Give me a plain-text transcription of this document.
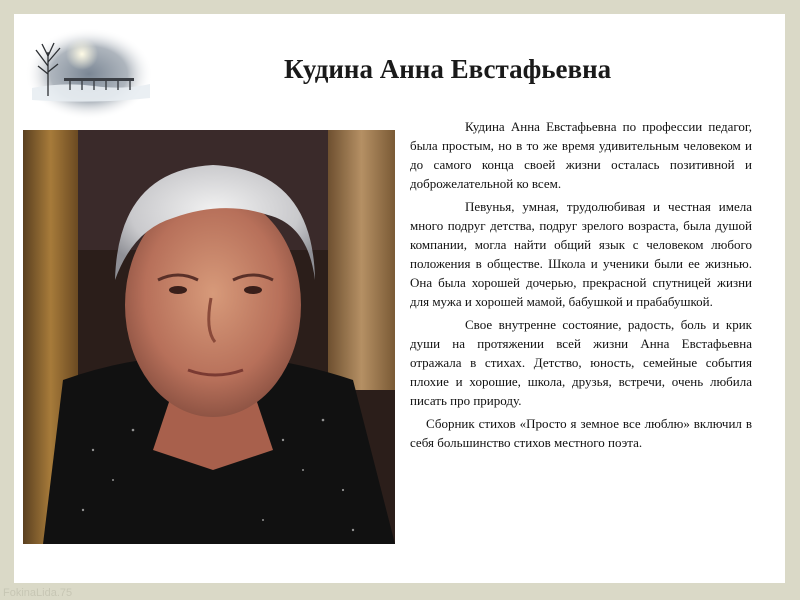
Кудина Анна Евстафьевна

Кудина Анна Евстафьевна по профессии педагог, была простым, но в то же время удивительным человеком и до самого конца своей жизни осталась позитивной и доброжелательной ко всем.

Певунья, умная, трудолюбивая и честная имела много подруг детства, подруг зрелого возраста, была душой компании, могла найти общий язык с человеком любого положения в обществе. Школа и ученики были ее жизнью. Она была хорошей дочерью, прекрасной спутницей жизни для мужа и хорошей мамой, бабушкой и прабабушкой.

Свое внутренне состояние, радость, боль и крик души на протяжении всей жизни Анна Евстафьевна отражала в стихах. Детство, юность, семейные события плохие и хорошие, школа, друзья, встречи, очень любила писать про природу.

Сборник стихов «Просто я земное все люблю» включил в себя большинство стихов местного поэта.

FokinaLida.75
